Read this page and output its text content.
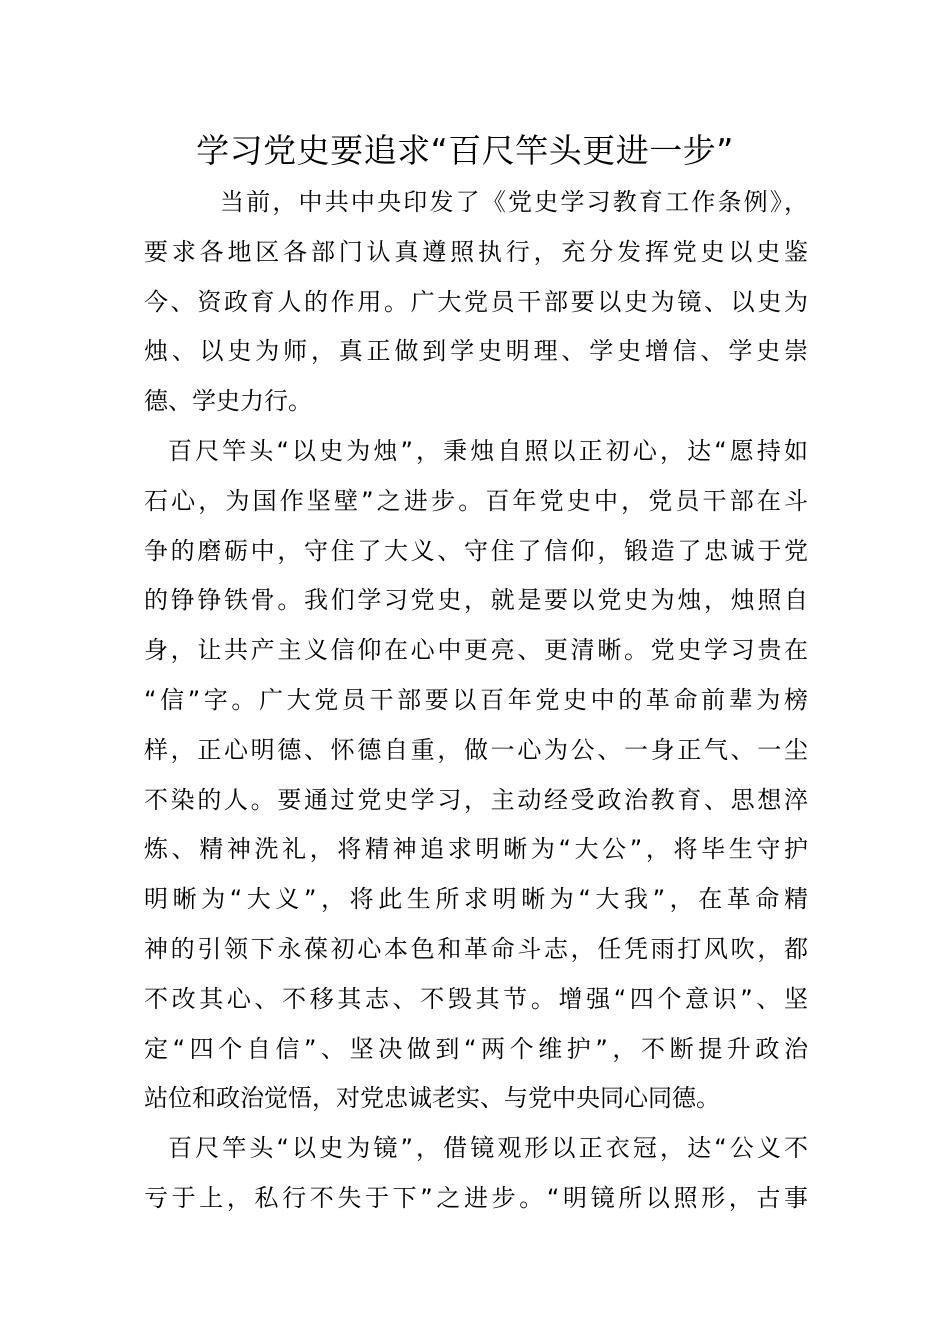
学习党史要追求“百尺竿头更进一步”
当前，中共中央印发了《党史学习教育工作条例》，
要求各地区各部门认真遵照执行，充分发挥党史以史鉴
今、资政育人的作用。广大党员干部要以史为镜、以史为
烛、以史为师，真正做到学史明理、学史增信、学史崇
德、学史力行。
百尺竿头“以史为烛”，秉烛自照以正初心，达“愿持如
石心，为国作坚壁”之进步。百年党史中，党员干部在斗
争的磨砺中，守住了大义、守住了信仰，锻造了忠诚于党
的铮铮铁骨。我们学习党史，就是要以党史为烛，烛照自
身，让共产主义信仰在心中更亮、更清晰。党史学习贵在
“信”字。广大党员干部要以百年党史中的革命前辈为榜
样，正心明德、怀德自重，做一心为公、一身正气、一尘
不染的人。要通过党史学习，主动经受政治教育、思想淬
炼、精神洗礼，将精神追求明晰为“大公”，将毕生守护
明晰为“大义”，将此生所求明晰为“大我”，在革命精
神的引领下永葆初心本色和革命斗志，任凭雨打风吹，都
不改其心、不移其志、不毁其节。增强“四个意识”、坚
定“四个自信”、坚决做到“两个维护”，不断提升政治
站位和政治觉悟，对党忠诚老实、与党中央同心同德。
百尺竿头“以史为镜”，借镜观形以正衣冠，达“公义不
亏于上，私行不失于下”之进步。“明镜所以照形，古事
